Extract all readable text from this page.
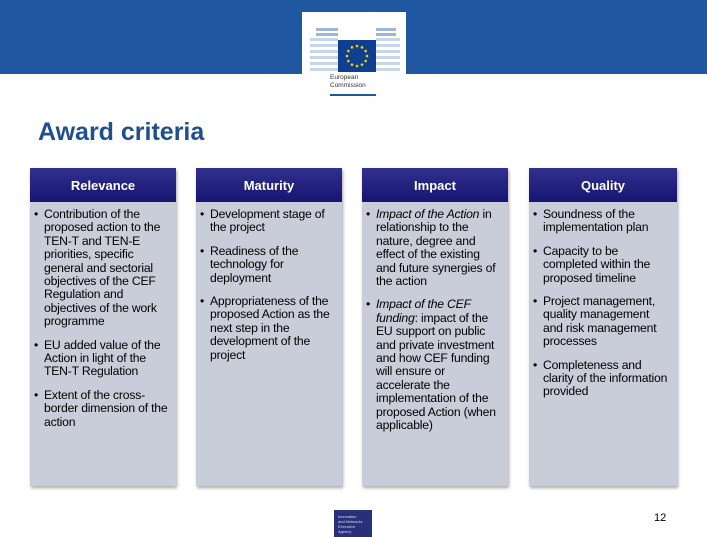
European
Commission
Award criteria
Relevance
• Contribution of the proposed action to the TEN-T and TEN-E priorities, specific general and sectorial objectives of the CEF Regulation and objectives of the work programme
• EU added value of the Action in light of the TEN-T Regulation
• Extent of the cross-border dimension of the action
Maturity
• Development stage of the project
• Readiness of the technology for deployment
• Appropriateness of the proposed Action as the next step in the development of the project
Impact
• Impact of the Action in relationship to the nature, degree and effect of the existing and future synergies of the action
• Impact of the CEF funding: impact of the EU support on public and private investment and how CEF funding will ensure or accelerate the implementation of the proposed Action (when applicable)
Quality
• Soundness of the implementation plan
• Capacity to be completed within the proposed timeline
• Project management, quality management and risk management processes
• Completeness and clarity of the information provided
Innovation
and Networks
Executive Agency
12
